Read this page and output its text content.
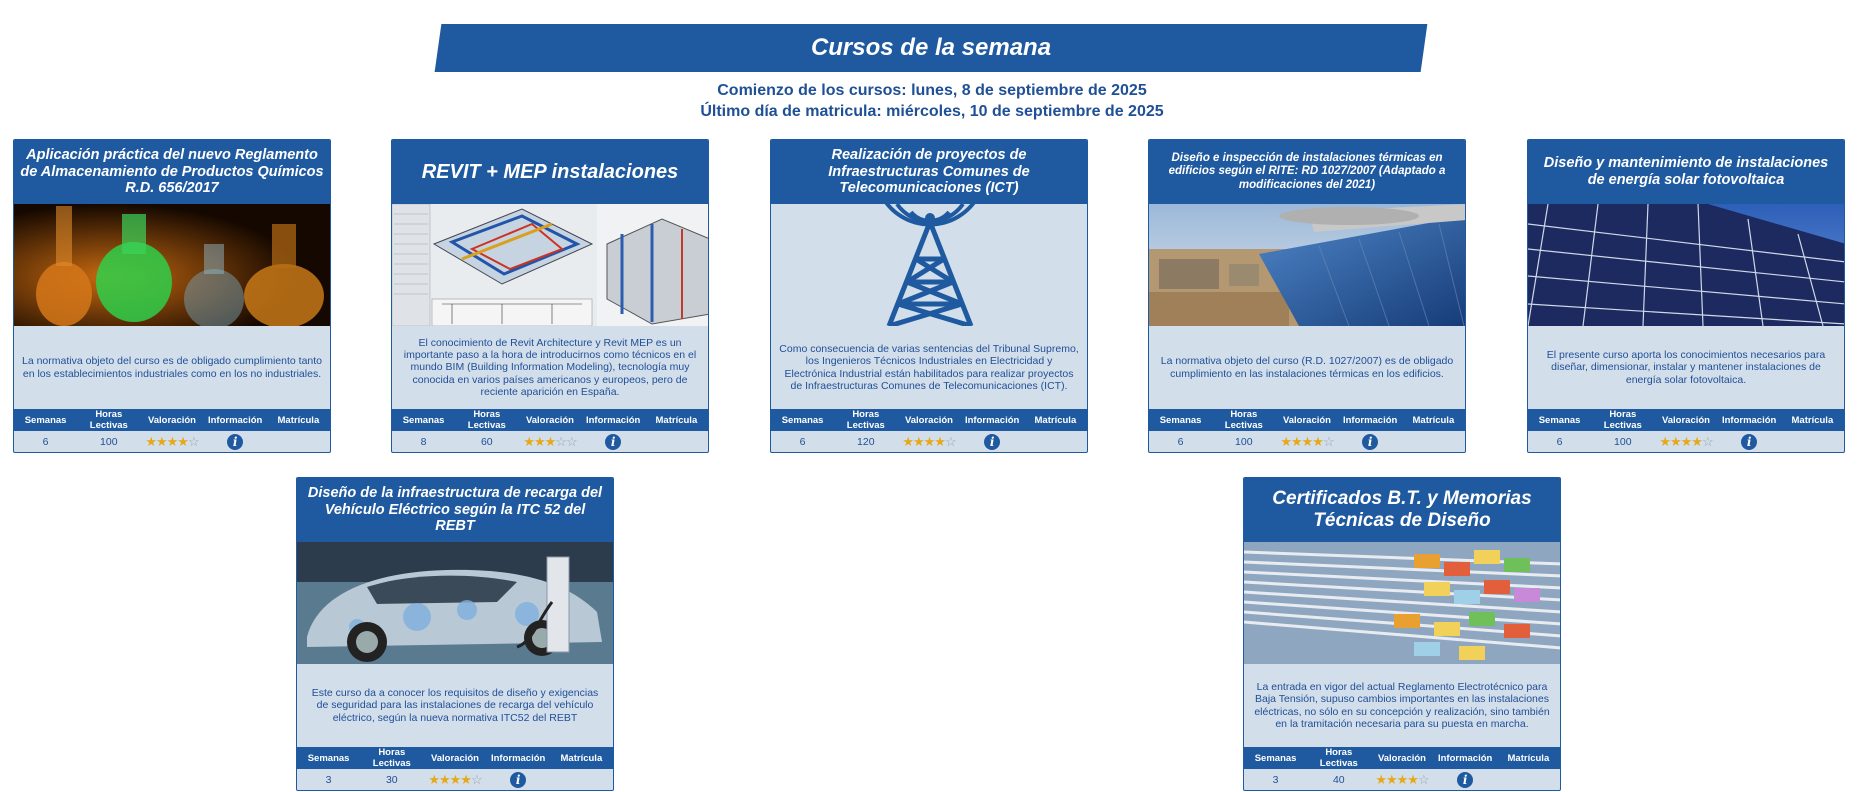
Cursos de la semana
Comienzo de los cursos: lunes, 8 de septiembre de 2025
Último día de matricula: miércoles, 10 de septiembre de 2025
Aplicación práctica del nuevo Reglamento de Almacenamiento de Productos Químicos R.D. 656/2017
La normativa objeto del curso es de obligado cumplimiento tanto en los establecimientos industriales como en los no industriales.
Semanas	Horas Lectivas	Valoración	Información	Matrícula
6	100	★★★★☆	i	
REVIT + MEP instalaciones
El conocimiento de Revit Architecture y Revit MEP es un importante paso a la hora de introducirnos como técnicos en el mundo BIM (Building Information Modeling), tecnología muy conocida en varios países americanos y europeos, pero de reciente aparición en España.
Semanas	Horas Lectivas	Valoración	Información	Matrícula
8	60	★★★☆☆	i	
Realización de proyectos de Infraestructuras Comunes de Telecomunicaciones (ICT)
Como consecuencia de varias sentencias del Tribunal Supremo, los Ingenieros Técnicos Industriales en Electricidad y Electrónica Industrial están habilitados para realizar proyectos de Infraestructuras Comunes de Telecomunicaciones (ICT).
Semanas	Horas Lectivas	Valoración	Información	Matrícula
6	120	★★★★☆	i	
Diseño e inspección de instalaciones térmicas en edificios según el RITE: RD 1027/2007 (Adaptado a modificaciones del 2021)
La normativa objeto del curso (R.D. 1027/2007) es de obligado cumplimiento en las instalaciones térmicas en los edificios.
Semanas	Horas Lectivas	Valoración	Información	Matrícula
6	100	★★★★☆	i	
Diseño y mantenimiento de instalaciones de energía solar fotovoltaica
El presente curso aporta los conocimientos necesarios para diseñar, dimensionar, instalar y mantener instalaciones de energía solar fotovoltaica.
Semanas	Horas Lectivas	Valoración	Información	Matrícula
6	100	★★★★☆	i	
Diseño de la infraestructura de recarga del Vehículo Eléctrico según la ITC 52 del REBT
Este curso da a conocer los requisitos de diseño y exigencias de seguridad para las instalaciones de recarga del vehículo eléctrico, según la nueva normativa ITC52 del REBT
Semanas	Horas Lectivas	Valoración	Información	Matrícula
3	30	★★★★☆	i	
Certificados B.T. y Memorias Técnicas de Diseño
La entrada en vigor del actual Reglamento Electrotécnico para Baja Tensión, supuso cambios importantes en las instalaciones eléctricas, no sólo en su concepción y realización, sino también en la tramitación necesaria para su puesta en marcha.
Semanas	Horas Lectivas	Valoración	Información	Matrícula
3	40	★★★★☆	i	
